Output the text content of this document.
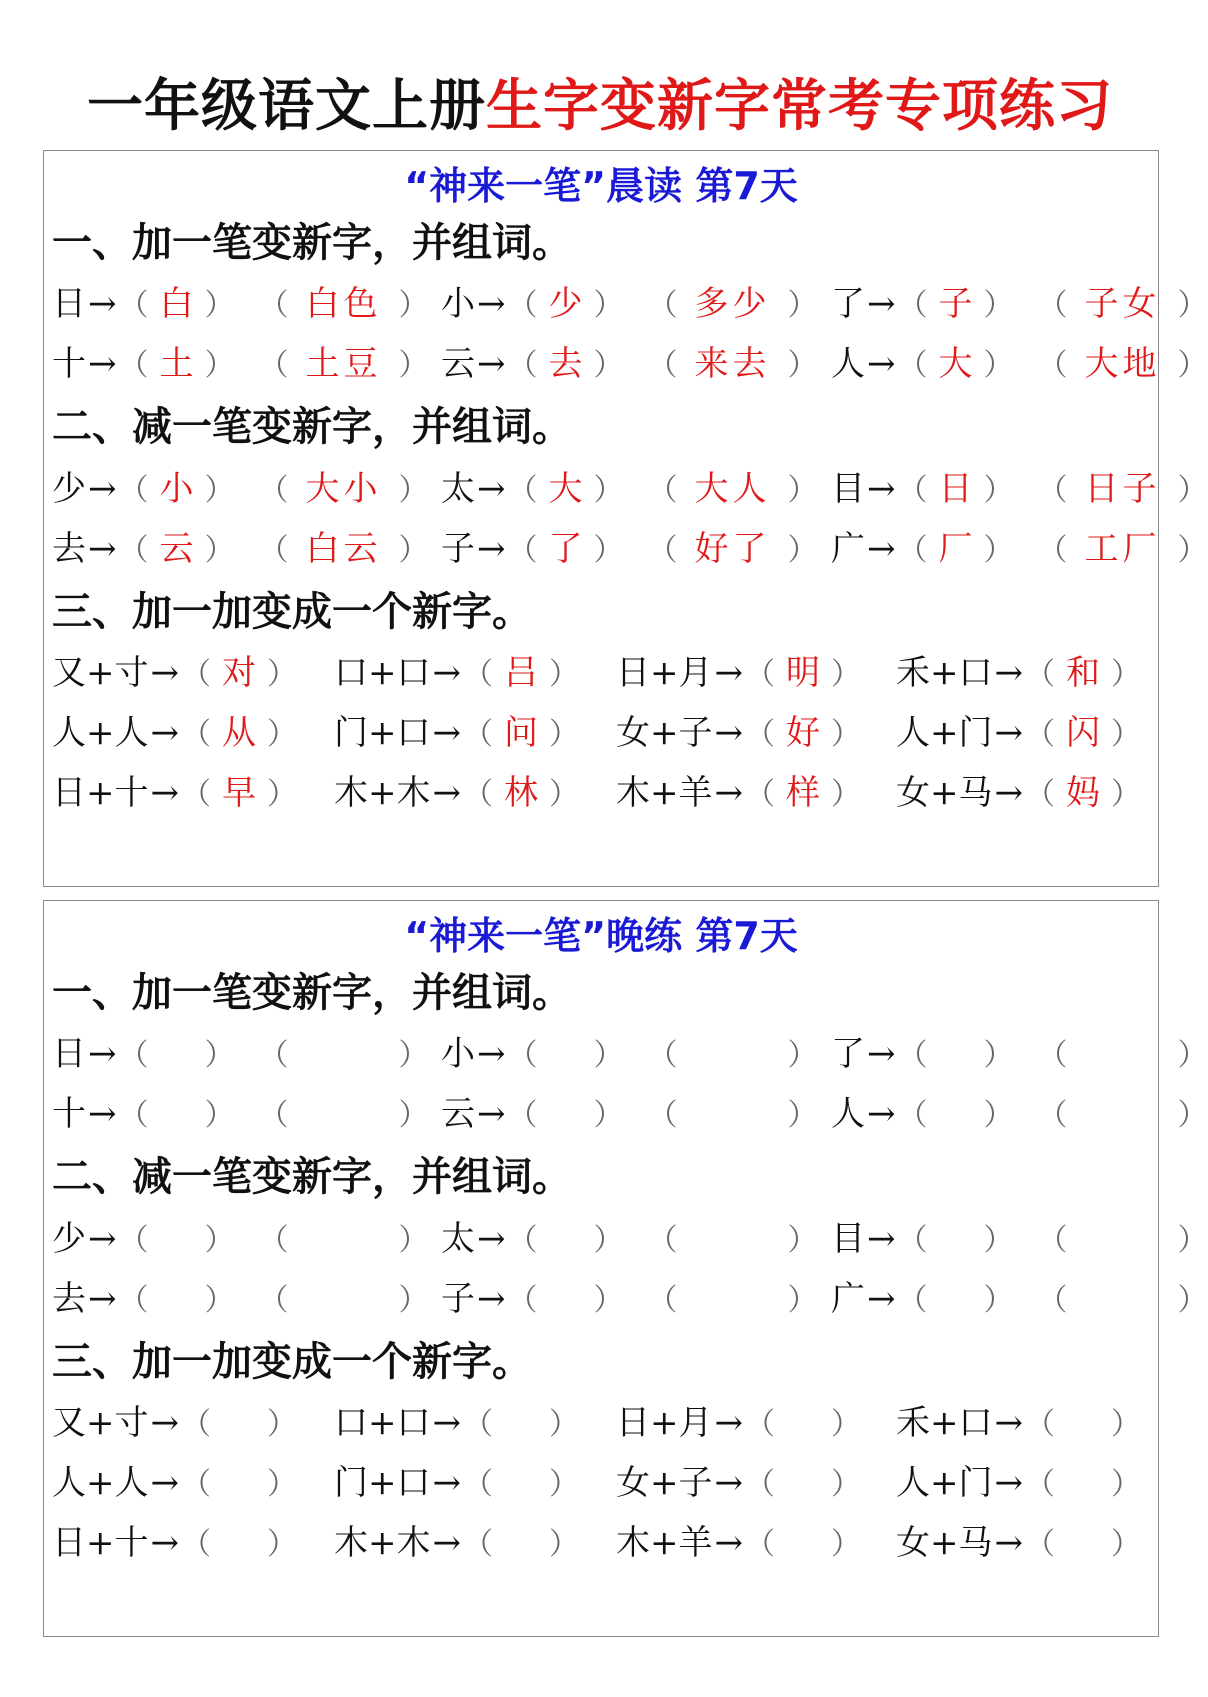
一年级语文上册生字变新字常考专项练习
“神来一笔”晨读 第7天
一、加一笔变新字，并组词。
日→（ 白 ） （ 白色 ） 小→（ 少 ） （ 多少 ） 了→（ 子 ） （ 子女 ）
十→（ 土 ） （ 土豆 ） 云→（ 去 ） （ 来去 ） 人→（ 大 ） （ 大地 ）
二、减一笔变新字，并组词。
少→（ 小 ） （ 大小 ） 太→（ 大 ） （ 大人 ） 目→（ 日 ） （ 日子 ）
去→（ 云 ） （ 白云 ） 子→（ 了 ） （ 好了 ） 广→（ 厂 ） （ 工厂 ）
三、加一加变成一个新字。
又+寸→（ 对 ） 口+口→（ 吕 ） 日+月→（ 明 ） 禾+口→（ 和 ）
人+人→（ 从 ） 门+口→（ 问 ） 女+子→（ 好 ） 人+门→（ 闪 ）
日+十→（ 早 ） 木+木→（ 林 ） 木+羊→（ 样 ） 女+马→（ 妈 ）
“神来一笔”晚练 第7天
一、加一笔变新字，并组词。
日→（ ） （	） 小→（ ） （	） 了→（ ） （	）
十→（ ） （	） 云→（ ） （	） 人→（ ） （	）
二、减一笔变新字，并组词。
少→（ ） （	） 太→（ ） （	） 目→（ ） （	）
去→（ ） （	） 子→（ ） （	） 广→（ ） （	）
三、加一加变成一个新字。
又+寸→（ ） 口+口→（ ） 日+月→（ ） 禾+口→（ ）
人+人→（ ） 门+口→（ ） 女+子→（ ） 人+门→（ ）
日+十→（ ） 木+木→（ ） 木+羊→（ ） 女+马→（ ）
